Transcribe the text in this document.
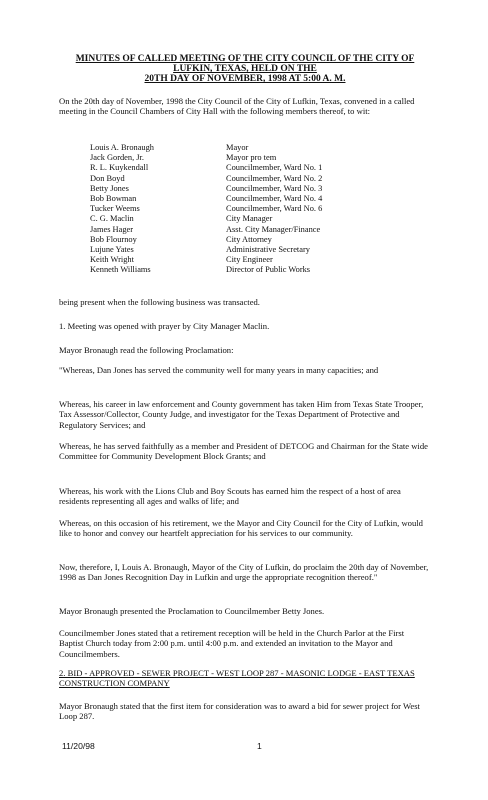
MINUTES OF CALLED MEETING OF THE CITY COUNCIL OF THE CITY OF
LUFKIN, TEXAS, HELD ON THE
20TH DAY OF NOVEMBER, 1998 AT 5:00 A. M.

On the 20th day of November, 1998 the City Council of the City of Lufkin, Texas, convened in a called meeting in the Council Chambers of City Hall with the following members thereof, to wit:

Louis A. Bronaugh	Mayor
Jack Gorden, Jr.	Mayor pro tem
R. L. Kuykendall	Councilmember, Ward No. 1
Don Boyd	Councilmember, Ward No. 2
Betty Jones	Councilmember, Ward No. 3
Bob Bowman	Councilmember, Ward No. 4
Tucker Weems	Councilmember, Ward No. 6
C. G. Maclin	City Manager
James Hager	Asst. City Manager/Finance
Bob Flournoy	City Attorney
Lujune Yates	Administrative Secretary
Keith Wright	City Engineer
Kenneth Williams	Director of Public Works

being present when the following business was transacted.

1. Meeting was opened with prayer by City Manager Maclin.

Mayor Bronaugh read the following Proclamation:

"Whereas, Dan Jones has served the community well for many years in many capacities; and

Whereas, his career in law enforcement and County government has taken Him from Texas State Trooper, Tax Assessor/Collector, County Judge, and investigator for the Texas Department of Protective and Regulatory Services; and

Whereas, he has served faithfully as a member and President of DETCOG and Chairman for the State wide Committee for Community Development Block Grants; and

Whereas, his work with the Lions Club and Boy Scouts has earned him the respect of a host of area residents representing all ages and walks of life; and

Whereas, on this occasion of his retirement, we the Mayor and City Council for the City of Lufkin, would like to honor and convey our heartfelt appreciation for his services to our community.

Now, therefore, I, Louis A. Bronaugh, Mayor of the City of Lufkin, do proclaim the 20th day of November, 1998 as Dan Jones Recognition Day in Lufkin and urge the appropriate recognition thereof."

Mayor Bronaugh presented the Proclamation to Councilmember Betty Jones.

Councilmember Jones stated that a retirement reception will be held in the Church Parlor at the First Baptist Church today from 2:00 p.m. until 4:00 p.m. and extended an invitation to the Mayor and Councilmembers.

2. BID - APPROVED - SEWER PROJECT - WEST LOOP 287 - MASONIC LODGE - EAST TEXAS CONSTRUCTION COMPANY

Mayor Bronaugh stated that the first item for consideration was to award a bid for sewer project for West Loop 287.

11/20/98	1
